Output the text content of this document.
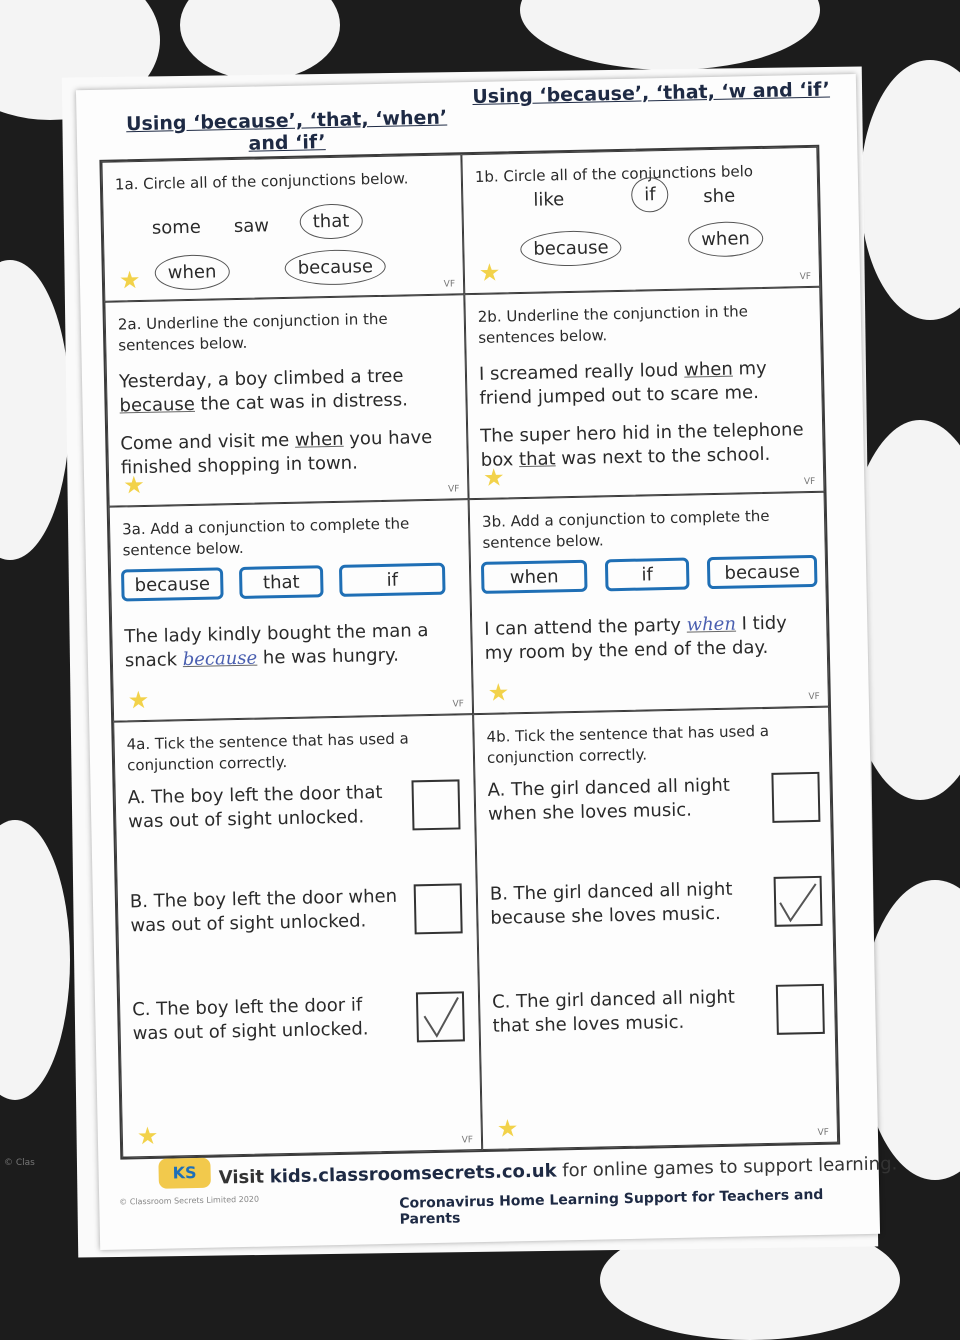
© Clas
Using ‘because’, ‘that, ‘when’ and ‘if’
Using ‘because’, ‘that, ‘w and ‘if’
1a. Circle all of the conjunctions below.
some saw	that
when	because
★	VF
1b. Circle all of the conjunctions belo
like	if	she
because	when
★	VF
2a. Underline the conjunction in the sentences below.
Yesterday, a boy climbed a tree
because the cat was in distress.
Come and visit me when you have finished shopping in town.
★	VF
2b. Underline the conjunction in the sentences below.
I screamed really loud when my friend jumped out to scare me.
The super hero hid in the telephone box that was next to the school.
★	VF
3a. Add a conjunction to complete the sentence below.
because	that	if
The lady kindly bought the man a snack because he was hungry.
★	VF
3b. Add a conjunction to complete the sentence below.
when	if	because
I can attend the party when I tidy my room by the end of the day.
★	VF
4a. Tick the sentence that has used a conjunction correctly.
A. The boy left the door that was out of sight unlocked.
B. The boy left the door when was out of sight unlocked.
C. The boy left the door if was out of sight unlocked.
★	VF
4b. Tick the sentence that has used a conjunction correctly.
A. The girl danced all night when she loves music.
B. The girl danced all night because she loves music.
C. The girl danced all night that she loves music.
★	VF
KS	Visit kids.classroomsecrets.co.uk for online games to support learning.
Coronavirus Home Learning Support for Teachers and Parents
© Classroom Secrets Limited 2020
